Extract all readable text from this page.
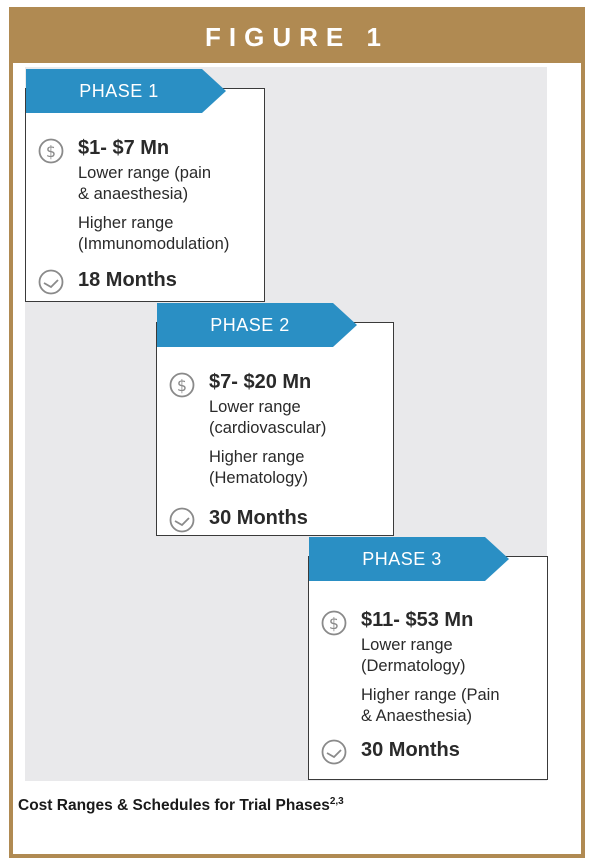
FIGURE 1
PHASE 1
$ $1- $7 Mn
Lower range (pain
& anaesthesia)
Higher range
(Immunomodulation)
18 Months
PHASE 2
$ $7- $20 Mn
Lower range
(cardiovascular)
Higher range
(Hematology)
30 Months
PHASE 3
$ $11- $53 Mn
Lower range
(Dermatology)
Higher range (Pain
& Anaesthesia)
30 Months
Cost Ranges & Schedules for Trial Phases$^{2,3}$
